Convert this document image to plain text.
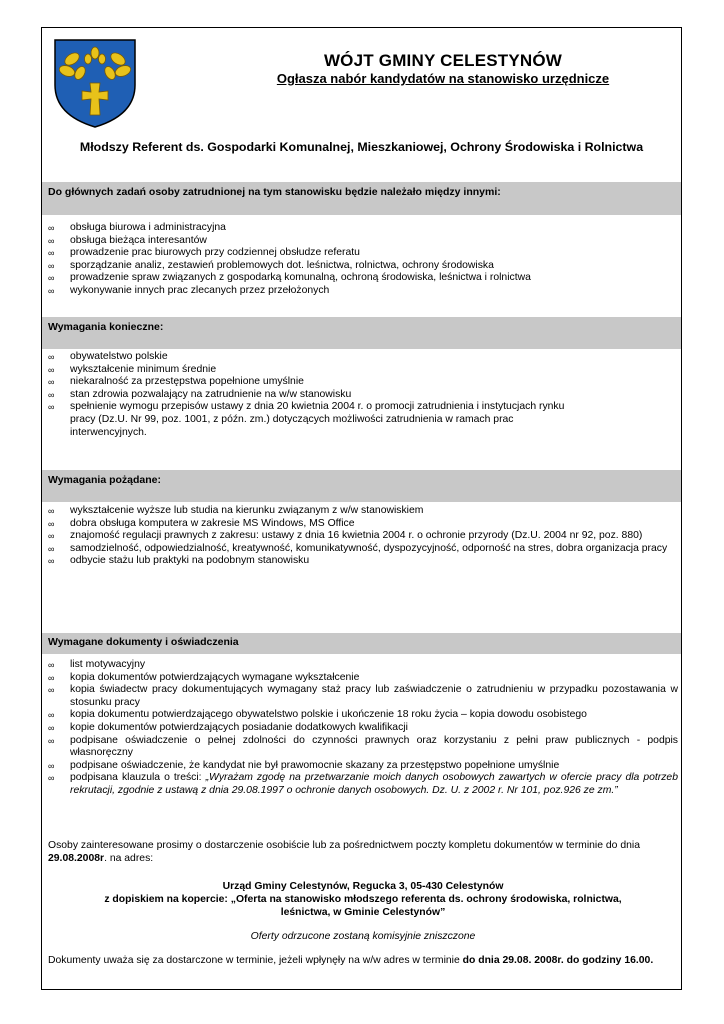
WÓJT GMINY CELESTYNÓW
Ogłasza nabór kandydatów na stanowisko urzędnicze
Młodszy Referent ds. Gospodarki Komunalnej, Mieszkaniowej, Ochrony Środowiska i Rolnictwa
Do głównych zadań osoby zatrudnionej na tym stanowisku będzie należało między innymi:
∞ obsługa biurowa i administracyjna
∞ obsługa bieżąca interesantów
∞ prowadzenie prac biurowych przy codziennej obsłudze referatu
∞ sporządzanie analiz, zestawień problemowych dot. leśnictwa, rolnictwa, ochrony środowiska
∞ prowadzenie spraw związanych z gospodarką komunalną, ochroną środowiska, leśnictwa i rolnictwa
∞ wykonywanie innych prac zlecanych przez przełożonych
Wymagania konieczne:
∞ obywatelstwo polskie
∞ wykształcenie minimum średnie
∞ niekaralność za przestępstwa popełnione umyślnie
∞ stan zdrowia pozwalający na zatrudnienie na w/w stanowisku
∞ spełnienie wymogu przepisów ustawy z dnia 20 kwietnia 2004 r. o promocji zatrudnienia i instytucjach rynku pracy (Dz.U. Nr 99, poz. 1001, z późn. zm.) dotyczących możliwości zatrudnienia w ramach prac interwencyjnych.
Wymagania pożądane:
∞ wykształcenie wyższe lub studia na kierunku związanym z w/w stanowiskiem
∞ dobra obsługa komputera w zakresie MS Windows, MS Office
∞ znajomość regulacji prawnych z zakresu: ustawy z dnia 16 kwietnia 2004 r. o ochronie przyrody (Dz.U. 2004 nr 92, poz. 880)
∞ samodzielność, odpowiedzialność, kreatywność, komunikatywność, dyspozycyjność, odporność na stres, dobra organizacja pracy
∞ odbycie stażu lub praktyki na podobnym stanowisku
Wymagane dokumenty i oświadczenia
∞ list motywacyjny
∞ kopia dokumentów potwierdzających wymagane wykształcenie
∞ kopia świadectw pracy dokumentujących wymagany staż pracy lub zaświadczenie o zatrudnieniu w przypadku pozostawania w stosunku pracy
∞ kopia dokumentu potwierdzającego obywatelstwo polskie i ukończenie 18 roku życia – kopia dowodu osobistego
∞ kopie dokumentów potwierdzających posiadanie dodatkowych kwalifikacji
∞ podpisane oświadczenie o pełnej zdolności do czynności prawnych oraz korzystaniu z pełni praw publicznych - podpis własnoręczny
∞ podpisane oświadczenie, że kandydat nie był prawomocnie skazany za przestępstwo popełnione umyślnie
∞ podpisana klauzula o treści: „Wyrażam zgodę na przetwarzanie moich danych osobowych zawartych w ofercie pracy dla potrzeb rekrutacji, zgodnie z ustawą z dnia 29.08.1997 o ochronie danych osobowych. Dz. U. z 2002 r. Nr 101, poz.926 ze zm.”
Osoby zainteresowane prosimy o dostarczenie osobiście lub za pośrednictwem poczty kompletu dokumentów w terminie do dnia 29.08.2008r. na adres:
Urząd Gminy Celestynów, Regucka 3, 05-430 Celestynów
z dopiskiem na kopercie: „Oferta na stanowisko młodszego referenta ds. ochrony środowiska, rolnictwa, leśnictwa, w Gminie Celestynów”
Oferty odrzucone zostaną komisyjnie zniszczone
Dokumenty uważa się za dostarczone w terminie, jeżeli wpłynęły na w/w adres w terminie do dnia 29.08. 2008r. do godziny 16.00.
